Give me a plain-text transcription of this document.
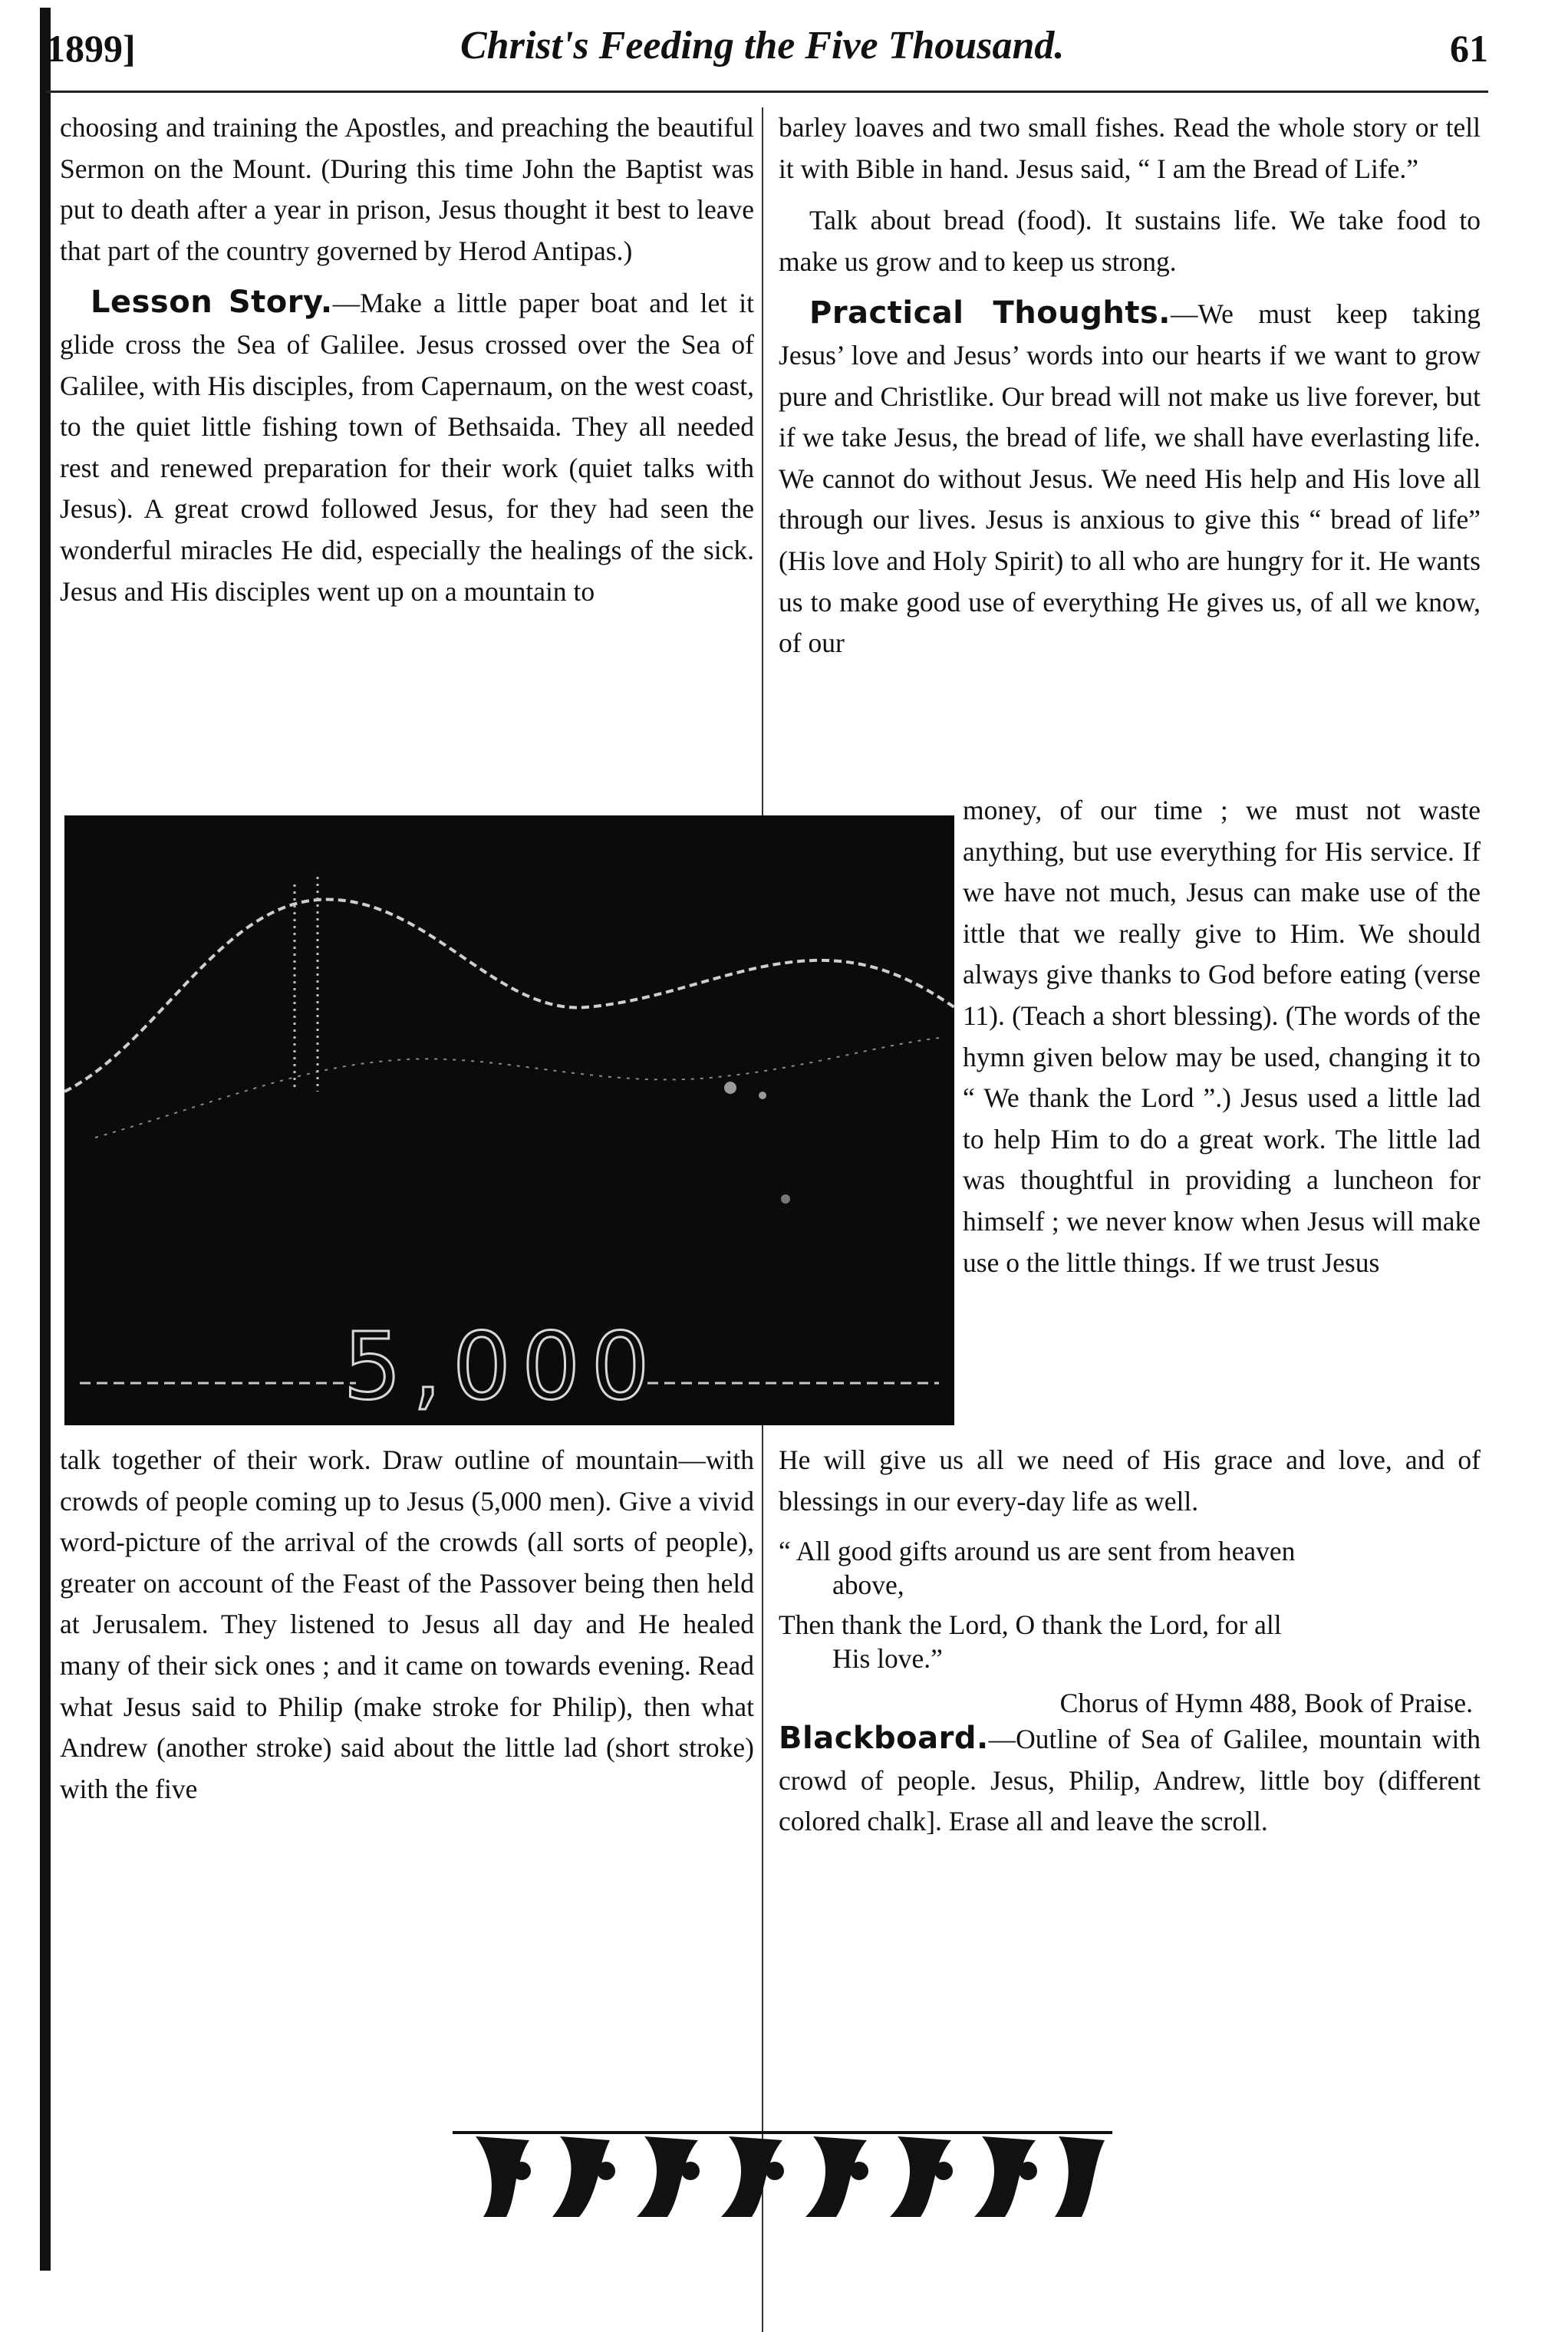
1899]	Christ's Feeding the Five Thousand.	61

choosing and training the Apostles, and preaching the beautiful Sermon on the Mount. (During this time John the Baptist was put to death after a year in prison, Jesus thought it best to leave that part of the country governed by Herod Antipas.)

Lesson Story.—Make a little paper boat and let it glide cross the Sea of Galilee. Jesus crossed over the Sea of Galilee, with His disciples, from Capernaum, on the west coast, to the quiet little fishing town of Bethsaida. They all needed rest and renewed preparation for their work (quiet talks with Jesus). A great crowd followed Jesus, for they had seen the wonderful miracles He did, especially the healings of the sick. Jesus and His disciples went up on a mountain to

barley loaves and two small fishes. Read the whole story or tell it with Bible in hand. Jesus said, “ I am the Bread of Life.”

Talk about bread (food). It sustains life. We take food to make us grow and to keep us strong.

Practical Thoughts.—We must keep taking Jesus’ love and Jesus’ words into our hearts if we want to grow pure and Christlike. Our bread will not make us live forever, but if we take Jesus, the bread of life, we shall have everlasting life. We cannot do without Jesus. We need His help and His love all through our lives. Jesus is anxious to give this “ bread of life” (His love and Holy Spirit) to all who are hungry for it. He wants us to make good use of everything He gives us, of all we know, of our

5,000

money, of our time ; we must not waste anything, but use everything for His service. If we have not much, Jesus can make use of the ittle that we really give to Him. We should always give thanks to God before eating (verse 11). (Teach a short blessing). (The words of the hymn given below may be used, changing it to “ We thank the Lord ”.) Jesus used a little lad to help Him to do a great work. The little lad was thoughtful in providing a luncheon for himself ; we never know when Jesus will make use o the little things. If we trust Jesus

talk together of their work. Draw outline of mountain—with crowds of people coming up to Jesus (5,000 men). Give a vivid word-picture of the arrival of the crowds (all sorts of people), greater on account of the Feast of the Passover being then held at Jerusalem. They listened to Jesus all day and He healed many of their sick ones ; and it came on towards evening. Read what Jesus said to Philip (make stroke for Philip), then what Andrew (another stroke) said about the little lad (short stroke) with the five

He will give us all we need of His grace and love, and of blessings in our every-day life as well.

“ All good gifts around us are sent from heaven

above,

Then thank the Lord, O thank the Lord, for all

His love.”

Chorus of Hymn 488, Book of Praise.

Blackboard.—Outline of Sea of Galilee, mountain with crowd of people. Jesus, Philip, Andrew, little boy (different colored chalk]. Erase all and leave the scroll.
